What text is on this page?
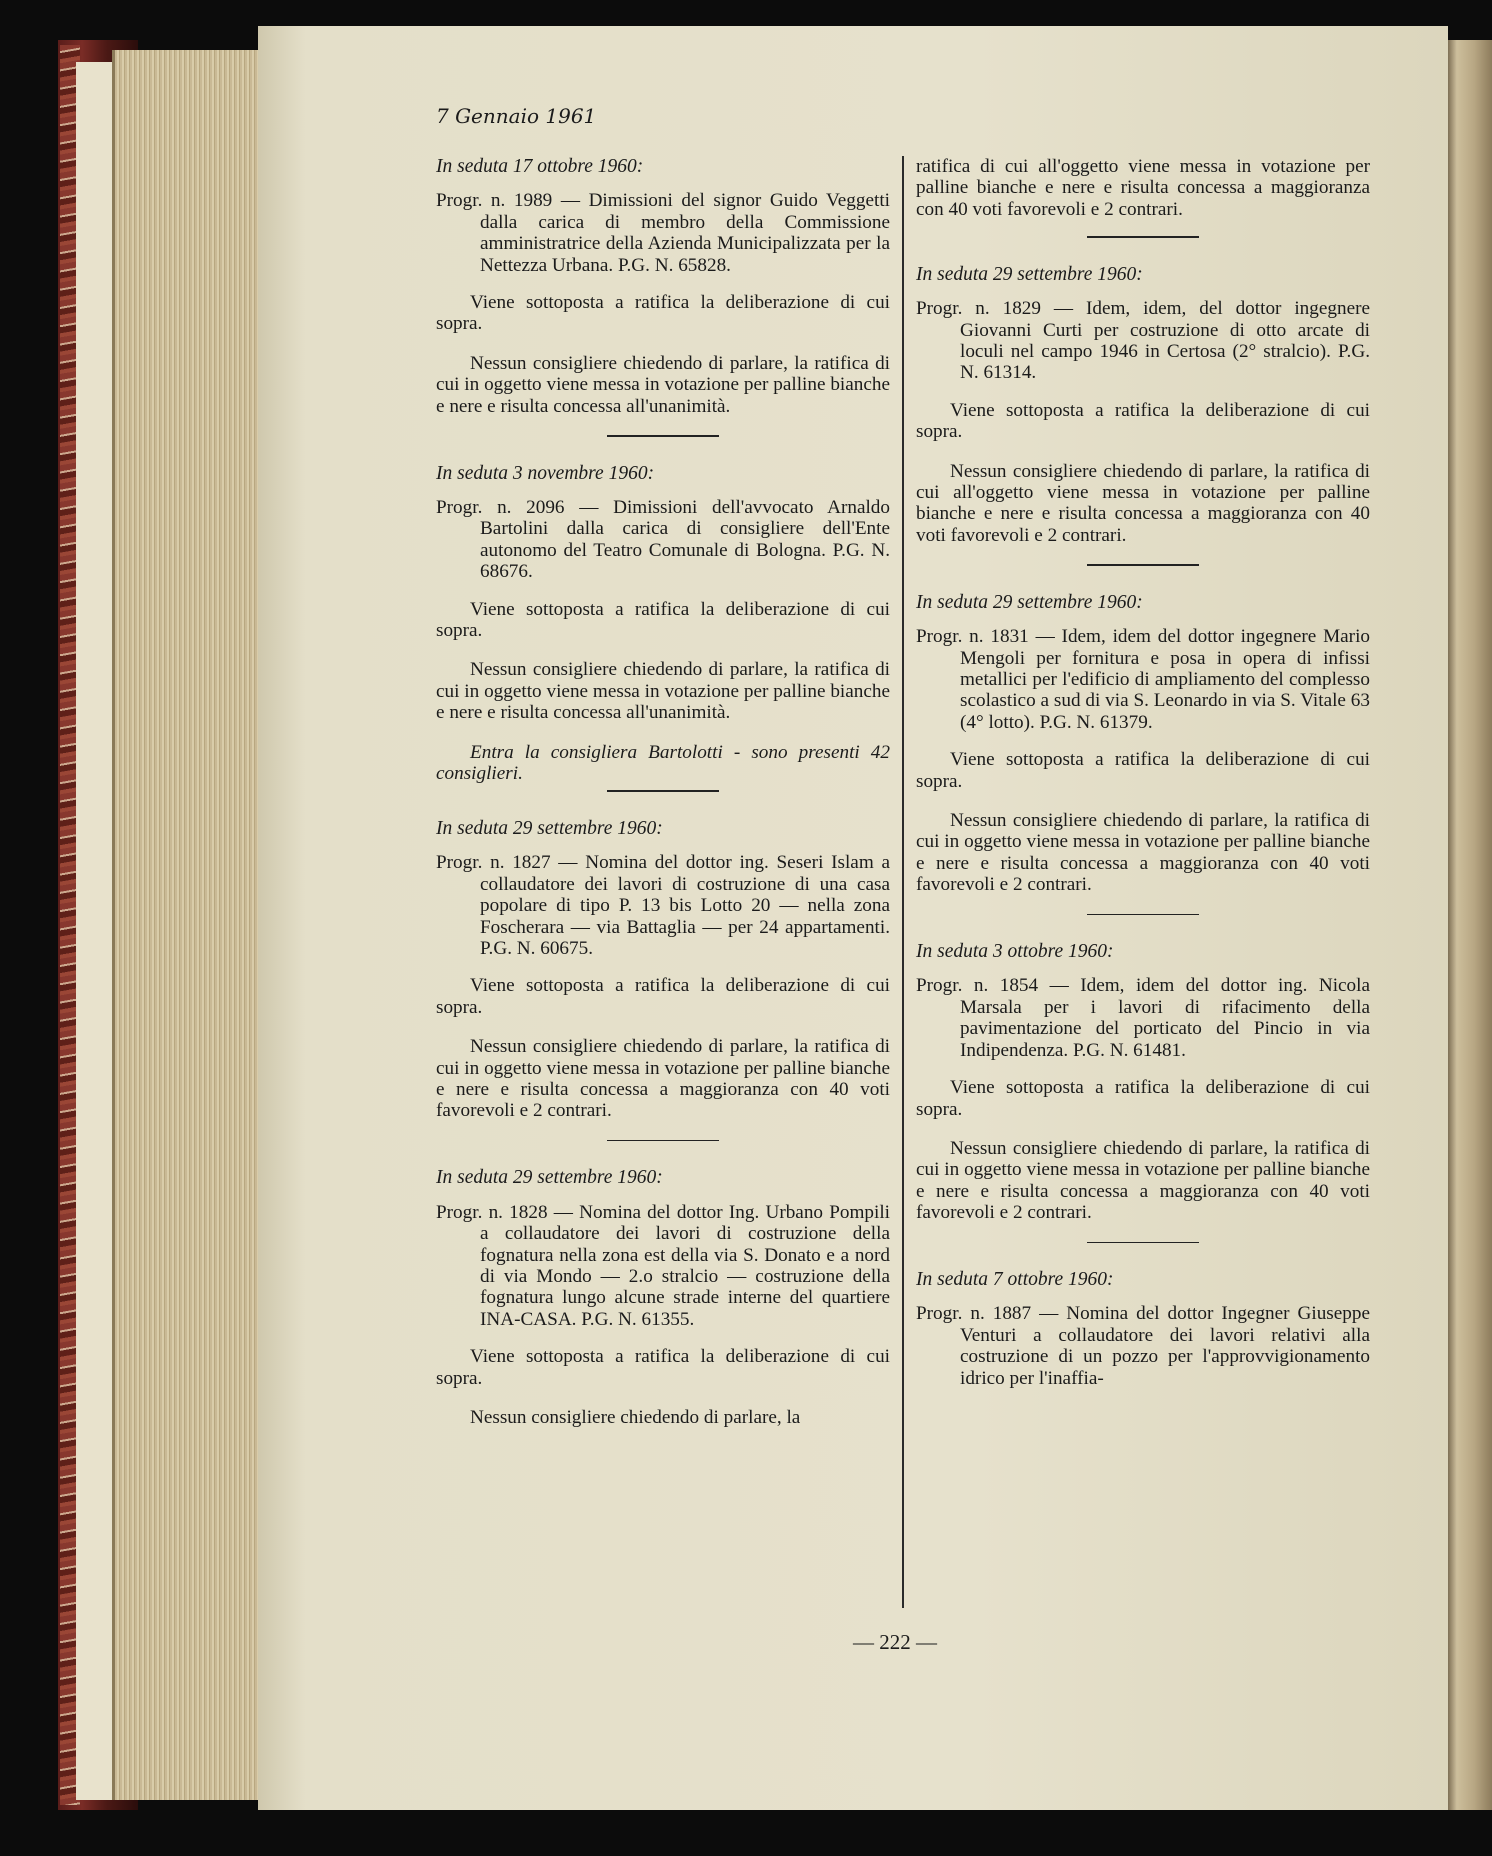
7 Gennaio 1961
In seduta 17 ottobre 1960:
Progr. n. 1989 — Dimissioni del signor Guido Veggetti dalla carica di membro della Commissione amministratrice della Azienda Municipalizzata per la Nettezza Urbana. P.G. N. 65828.
Viene sottoposta a ratifica la deliberazione di cui sopra.
Nessun consigliere chiedendo di parlare, la ratifica di cui in oggetto viene messa in votazione per palline bianche e nere e risulta concessa all'unanimità.
In seduta 3 novembre 1960:
Progr. n. 2096 — Dimissioni dell'avvocato Arnaldo Bartolini dalla carica di consigliere dell'Ente autonomo del Teatro Comunale di Bologna. P.G. N. 68676.
Viene sottoposta a ratifica la deliberazione di cui sopra.
Nessun consigliere chiedendo di parlare, la ratifica di cui in oggetto viene messa in votazione per palline bianche e nere e risulta concessa all'unanimità.
Entra la consigliera Bartolotti - sono presenti 42 consiglieri.
In seduta 29 settembre 1960:
Progr. n. 1827 — Nomina del dottor ing. Seseri Islam a collaudatore dei lavori di costruzione di una casa popolare di tipo P. 13 bis Lotto 20 — nella zona Foscherara — via Battaglia — per 24 appartamenti. P.G. N. 60675.
Viene sottoposta a ratifica la deliberazione di cui sopra.
Nessun consigliere chiedendo di parlare, la ratifica di cui in oggetto viene messa in votazione per palline bianche e nere e risulta concessa a maggioranza con 40 voti favorevoli e 2 contrari.
In seduta 29 settembre 1960:
Progr. n. 1828 — Nomina del dottor Ing. Urbano Pompili a collaudatore dei lavori di costruzione della fognatura nella zona est della via S. Donato e a nord di via Mondo — 2.o stralcio — costruzione della fognatura lungo alcune strade interne del quartiere INA-CASA. P.G. N. 61355.
Viene sottoposta a ratifica la deliberazione di cui sopra.
Nessun consigliere chiedendo di parlare, la
ratifica di cui all'oggetto viene messa in votazione per palline bianche e nere e risulta concessa a maggioranza con 40 voti favorevoli e 2 contrari.
In seduta 29 settembre 1960:
Progr. n. 1829 — Idem, idem, del dottor ingegnere Giovanni Curti per costruzione di otto arcate di loculi nel campo 1946 in Certosa (2° stralcio). P.G. N. 61314.
Viene sottoposta a ratifica la deliberazione di cui sopra.
Nessun consigliere chiedendo di parlare, la ratifica di cui all'oggetto viene messa in votazione per palline bianche e nere e risulta concessa a maggioranza con 40 voti favorevoli e 2 contrari.
In seduta 29 settembre 1960:
Progr. n. 1831 — Idem, idem del dottor ingegnere Mario Mengoli per fornitura e posa in opera di infissi metallici per l'edificio di ampliamento del complesso scolastico a sud di via S. Leonardo in via S. Vitale 63 (4° lotto). P.G. N. 61379.
Viene sottoposta a ratifica la deliberazione di cui sopra.
Nessun consigliere chiedendo di parlare, la ratifica di cui in oggetto viene messa in votazione per palline bianche e nere e risulta concessa a maggioranza con 40 voti favorevoli e 2 contrari.
In seduta 3 ottobre 1960:
Progr. n. 1854 — Idem, idem del dottor ing. Nicola Marsala per i lavori di rifacimento della pavimentazione del porticato del Pincio in via Indipendenza. P.G. N. 61481.
Viene sottoposta a ratifica la deliberazione di cui sopra.
Nessun consigliere chiedendo di parlare, la ratifica di cui in oggetto viene messa in votazione per palline bianche e nere e risulta concessa a maggioranza con 40 voti favorevoli e 2 contrari.
In seduta 7 ottobre 1960:
Progr. n. 1887 — Nomina del dottor Ingegner Giuseppe Venturi a collaudatore dei lavori relativi alla costruzione di un pozzo per l'approvvigionamento idrico per l'inaffia-
— 222 —
